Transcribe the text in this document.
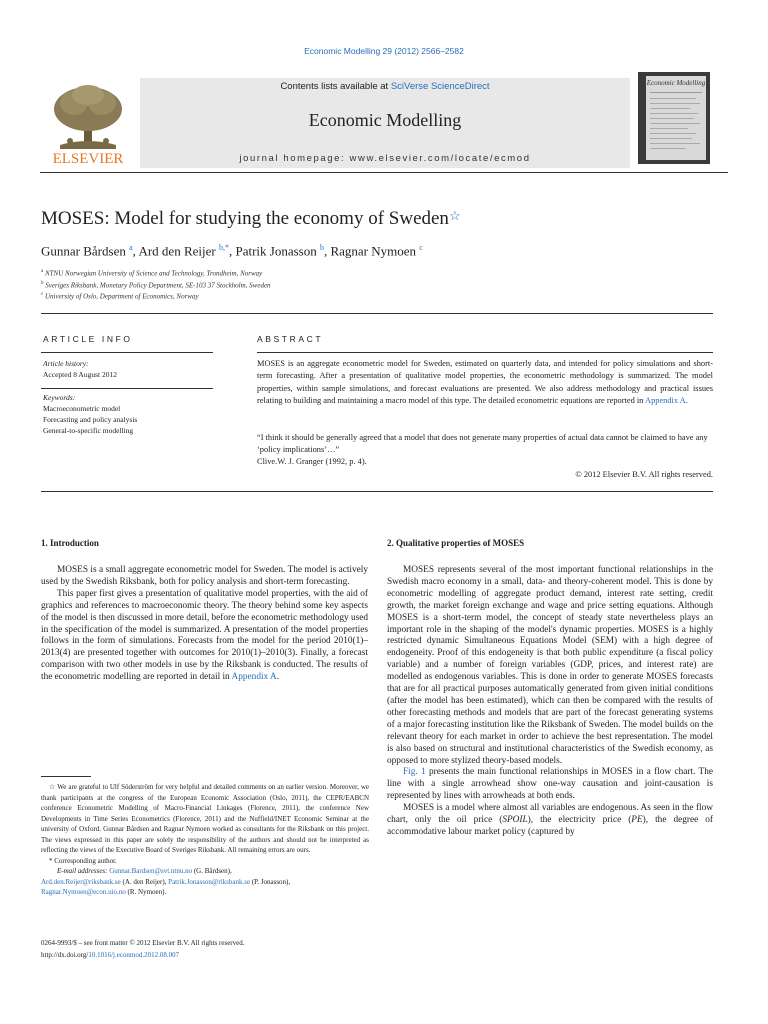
Economic Modelling 29 (2012) 2566–2582
ELSEVIER
Contents lists available at SciVerse ScienceDirect
Economic Modelling
journal homepage: www.elsevier.com/locate/ecmod
Economic Modelling
MOSES: Model for studying the economy of Sweden☆
Gunnar Bårdsen $^a$, Ard den Reijer $^{b,*}$, Patrik Jonasson $^b$, Ragnar Nymoen $^c$
$^a$ NTNU Norwegian University of Science and Technology, Trondheim, Norway
$^b$ Sveriges Riksbank, Monetary Policy Department, SE-103 37 Stockholm, Sweden
$^c$ University of Oslo, Department of Economics, Norway
ARTICLE INFO	ABSTRACT
Article history:
Accepted 8 August 2012
Keywords:
Macroeconometric model
Forecasting and policy analysis
General-to-specific modelling
MOSES is an aggregate econometric model for Sweden, estimated on quarterly data, and intended for policy simulations and short-term forecasting. After a presentation of qualitative model properties, the econometric methodology is summarized. The model properties, within sample simulations, and forecast evaluations are presented. We also address methodology and practical issues relating to building and maintaining a macro model of this type. The detailed econometric equations are reported in Appendix A.
“I think it should be generally agreed that a model that does not generate many properties of actual data cannot be claimed to have any ‘policy implications’…”
Clive.W. J. Granger (1992, p. 4).
© 2012 Elsevier B.V. All rights reserved.
1. Introduction

MOSES is a small aggregate econometric model for Sweden. The model is actively used by the Swedish Riksbank, both for policy analysis and short-term forecasting.

This paper first gives a presentation of qualitative model properties, with the aid of graphics and references to macroeconomic theory. The theory behind some key aspects of the model is then discussed in more detail, before the econometric methodology used in the specification of the model is summarized. A presentation of the model properties follows in the form of simulations. Forecasts from the model for the period 2010(1)–2013(4) are presented together with outcomes for 2010(1)–2010(3). Finally, a forecast comparison with two other models in use by the Riksbank is conducted. The results of the econometric modelling are reported in detail in Appendix A.

☆ We are grateful to Ulf Söderström for very helpful and detailed comments on an earlier version. Moreover, we thank participants at the congress of the European Economic Association (Oslo, 2011), the CEPR/EABCN conference Econometric Modelling of Macro-Financial Linkages (Florence, 2011), the conference New Developments in Time Series Econometrics (Florence, 2011) and the Nuffield/INET Economic Seminar at the university of Oxford. Gunnar Bårdsen and Ragnar Nymoen worked as consultants for the Riksbank on this project. The views expressed in this paper are solely the responsibility of the authors and should not be interpreted as reflecting the views of the Executive Board of Sveriges Riksbank. All remaining errors are ours.

* Corresponding author.

E-mail addresses: Gunnar.Bardsen@svt.ntnu.no (G. Bårdsen),

Ard.den.Reijer@riksbank.se (A. den Reijer), Patrik.Jonasson@riksbank.se (P. Jonasson),

Ragnar.Nymoen@econ.uio.no (R. Nymoen).

0264-9993/$ – see front matter © 2012 Elsevier B.V. All rights reserved.
http://dx.doi.org/10.1016/j.econmod.2012.08.007
2. Qualitative properties of MOSES

MOSES represents several of the most important functional relationships in the Swedish macro economy in a small, data- and theory-coherent model. This is done by econometric modelling of aggregate product demand, interest rate setting, credit growth, the market foreign exchange and wage and price setting equations. Although MOSES is a short-term model, the concept of steady state nevertheless plays an important role in the shaping of the model's dynamic properties. MOSES is a highly restricted dynamic Simultaneous Equations Model (SEM) with a high degree of endogeneity. Proof of this endogeneity is that both public expenditure (a fiscal policy variable) and a number of foreign variables (GDP, prices, and interest rate) are modelled as endogenous variables. This is done in order to generate MOSES forecasts that are for all practical purposes automatically generated from given initial conditions (after the model has been estimated), which can then be compared with the results of other forecasting methods and models that are part of the forecast generating systems of a major forecasting institution like the Riksbank of Sweden. The model builds on the relevant theory for each market in order to achieve the best representation. The model is also based on structural and institutional characteristics of the Swedish economy, as opposed to more stylized theory-based models.

Fig. 1 presents the main functional relationships in MOSES in a flow chart. The line with a single arrowhead show one-way causation and joint-causation is represented by lines with arrowheads at both ends.

MOSES is a model where almost all variables are endogenous. As seen in the flow chart, only the oil price (SPOIL), the electricity price (PE), the degree of accommodative labour market policy (captured by
